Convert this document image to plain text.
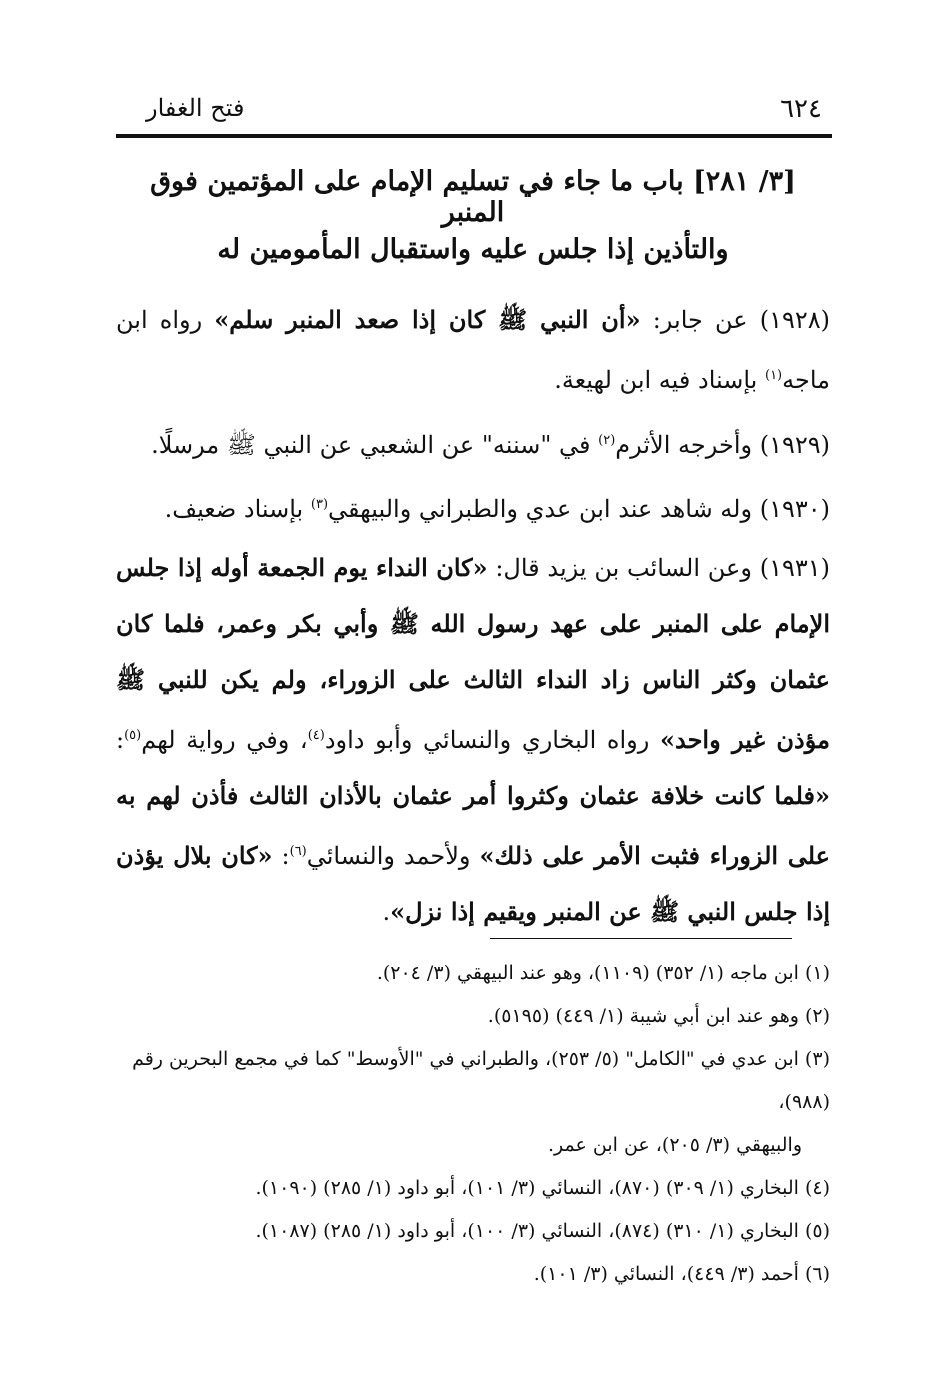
٦٢٤
فتح الغفار
[٣/ ٢٨١] باب ما جاء في تسليم الإمام على المؤتمين فوق المنبر
والتأذين إذا جلس عليه واستقبال المأمومين له

(١٩٢٨) عن جابر: «أن النبي ﷺ كان إذا صعد المنبر سلم» رواه ابن ماجه$^{(١)}$ بإسناد فيه ابن لهيعة.

(١٩٢٩) وأخرجه الأثرم$^{(٢)}$ في "سننه" عن الشعبي عن النبي ﷺ مرسلًا.

(١٩٣٠) وله شاهد عند ابن عدي والطبراني والبيهقي$^{(٣)}$ بإسناد ضعيف.

(١٩٣١) وعن السائب بن يزيد قال: «كان النداء يوم الجمعة أوله إذا جلس الإمام على المنبر على عهد رسول الله ﷺ وأبي بكر وعمر، فلما كان عثمان وكثر الناس زاد النداء الثالث على الزوراء، ولم يكن للنبي ﷺ مؤذن غير واحد» رواه البخاري والنسائي وأبو داود$^{(٤)}$، وفي رواية لهم$^{(٥)}$: «فلما كانت خلافة عثمان وكثروا أمر عثمان بالأذان الثالث فأذن لهم به على الزوراء فثبت الأمر على ذلك» ولأحمد والنسائي$^{(٦)}$: «كان بلال يؤذن إذا جلس النبي ﷺ عن المنبر ويقيم إذا نزل».

(١) ابن ماجه (١/ ٣٥٢) (١١٠٩)، وهو عند البيهقي (٣/ ٢٠٤).

(٢) وهو عند ابن أبي شيبة (١/ ٤٤٩) (٥١٩٥).

(٣) ابن عدي في "الكامل" (٥/ ٢٥٣)، والطبراني في "الأوسط" كما في مجمع البحرين رقم (٩٨٨)،

والبيهقي (٣/ ٢٠٥)، عن ابن عمر.

(٤) البخاري (١/ ٣٠٩) (٨٧٠)، النسائي (٣/ ١٠١)، أبو داود (١/ ٢٨٥) (١٠٩٠).

(٥) البخاري (١/ ٣١٠) (٨٧٤)، النسائي (٣/ ١٠٠)، أبو داود (١/ ٢٨٥) (١٠٨٧).

(٦) أحمد (٣/ ٤٤٩)، النسائي (٣/ ١٠١).
